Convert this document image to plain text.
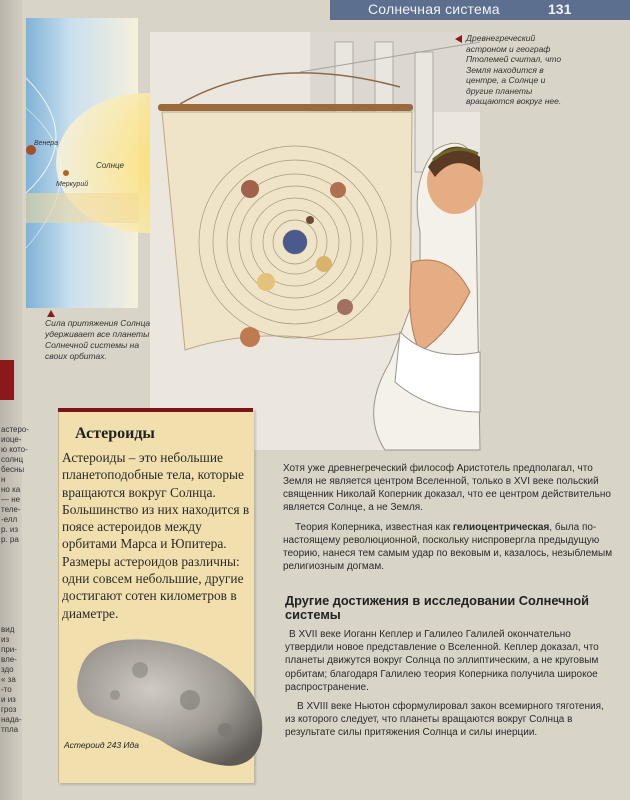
астеро-
иоце-
ю кото-
солнц
бесны
н
но ка
— не
теле-
-елл
р. из
р. ра
вид
из
при-
вле-
здо
« за
-то
и из
гроз
нада-
тпла
Солнечная система	131
Венера
Меркурий
Солнце
Сила притяжения Солнца удерживает все планеты Солнечной системы на своих орбитах.
Древнегреческий астроном и географ Птолемей считал, что Земля находится в центре, а Солнце и другие планеты вращаются вокруг нее.
Астероиды
Астероиды – это небольшие планетоподобные тела, которые вращаются вокруг Солнца. Большинство из них находится в поясе астероидов между орбитами Марса и Юпитера. Размеры астероидов различны: одни совсем небольшие, другие достигают сотен километров в диаметре.
Астероид 243 Ида
Хотя уже древнегреческий философ Аристотель предполагал, что Земля не является центром Вселенной, только в XVI веке польский священник Николай Коперник доказал, что ее центром действительно является Солнце, а не Земля.
Теория Коперника, известная как гелиоцентрическая, была по-настоящему революционной, поскольку ниспровергла предыдущую теорию, нанеся тем самым удар по вековым и, казалось, незыблемым религиозным догмам.
Другие достижения в исследовании Солнечной системы
В XVII веке Иоганн Кеплер и Галилео Галилей окончательно утвердили новое представление о Вселенной. Кеплер доказал, что планеты движутся вокруг Солнца по эллиптическим, а не круговым орбитам; благодаря Галилею теория Коперника получила широкое распространение.
В XVIII веке Ньютон сформулировал закон всемирного тяготения, из которого следует, что планеты вращаются вокруг Солнца в результате силы притяжения Солнца и силы инерции.
